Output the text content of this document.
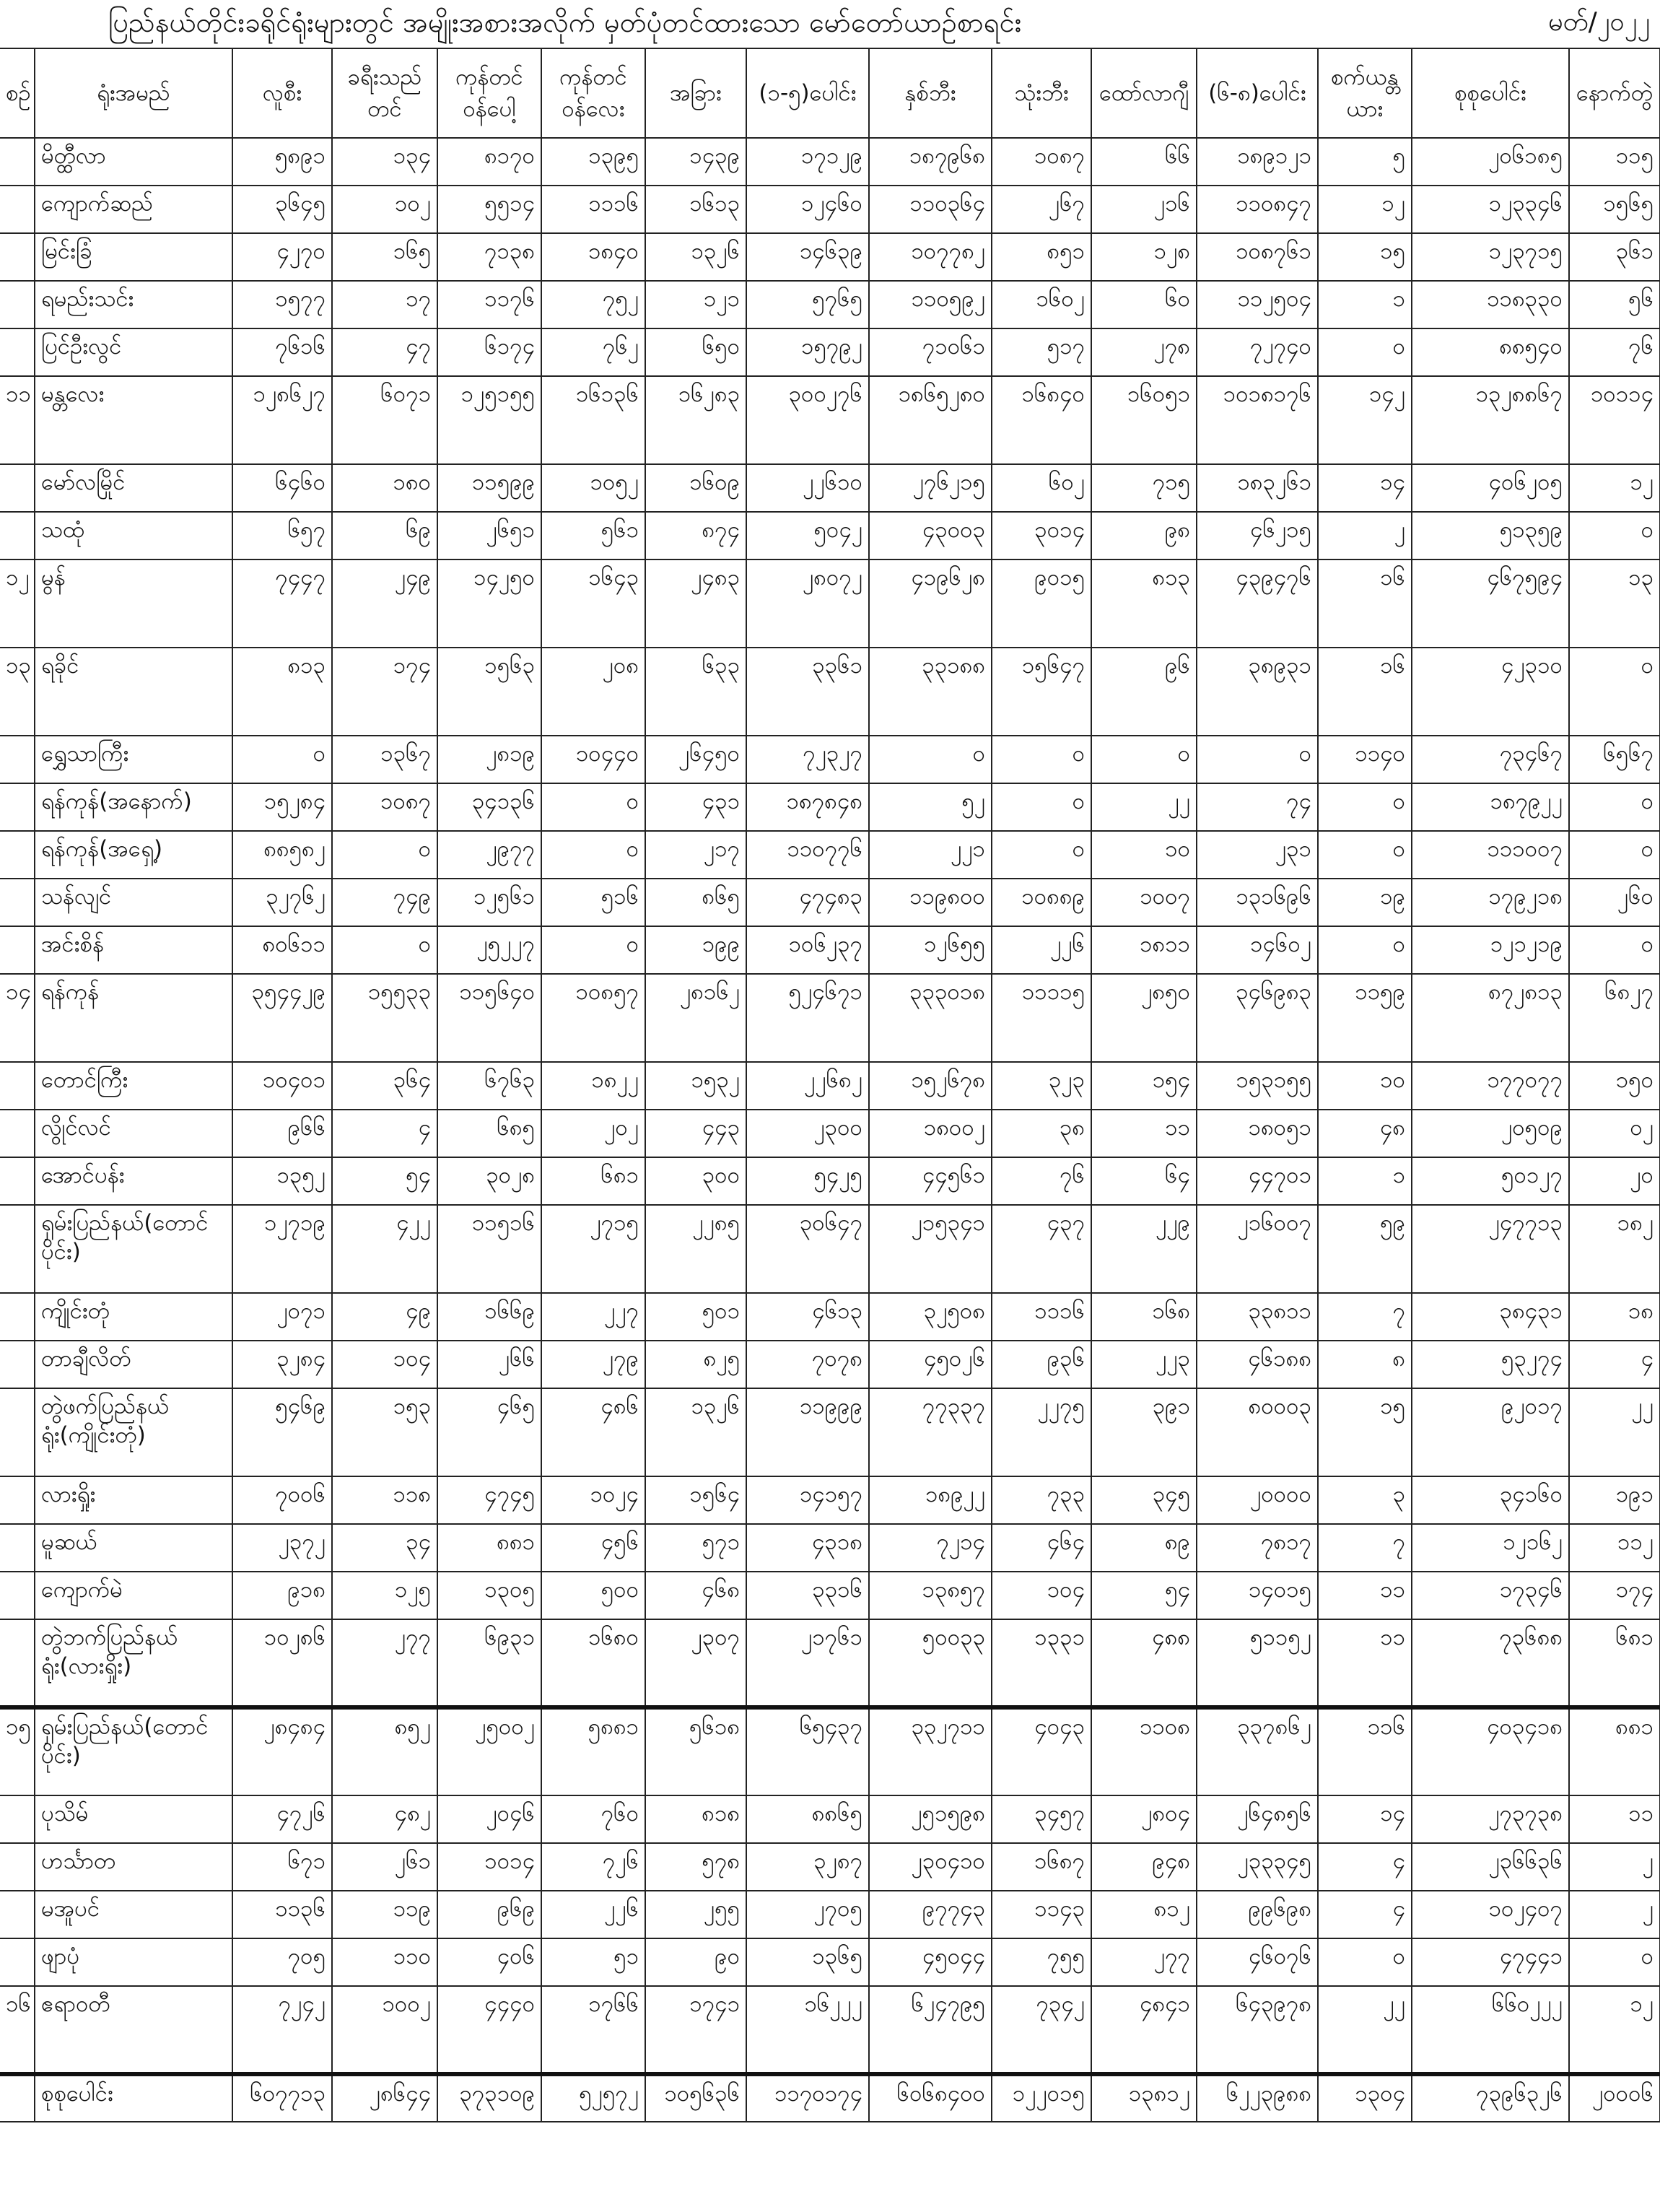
ပြည်နယ်တိုင်းခရိုင်ရုံးများတွင် အမျိုးအစားအလိုက် မှတ်ပုံတင်ထားသော မော်တော်ယာဉ်စာရင်း	မတ်/၂၀၂၂
စဉ်	ရုံးအမည်	လူစီး	ခရီးသည်တင်	ကုန်တင်ဝန်ပေါ့	ကုန်တင်ဝန်လေး	အခြား	(၁-၅)ပေါင်း	နှစ်ဘီး	သုံးဘီး	ထော်လာဂျီ	(၆-၈)ပေါင်း	စက်ယန္တယား	စုစုပေါင်း	နောက်တွဲ
	မိတ္ထီလာ	၅၈၉၁	၁၃၄	၈၁၇၀	၁၃၉၅	၁၄၃၉	၁၇၁၂၉	၁၈၇၉၆၈	၁၀၈၇	၆၆	၁၈၉၁၂၁	၅	၂၀၆၁၈၅	၁၁၅
	ကျောက်ဆည်	၃၆၄၅	၁၀၂	၅၅၁၄	၁၁၁၆	၁၆၁၃	၁၂၄၆၀	၁၁၀၃၆၄	၂၆၇	၂၁၆	၁၁၀၈၄၇	၁၂	၁၂၃၃၄၆	၁၅၆၅
	မြင်းခြံ	၄၂၇၀	၁၆၅	၇၁၃၈	၁၈၄၀	၁၃၂၆	၁၄၆၃၉	၁၀၇၇၈၂	၈၅၁	၁၂၈	၁၀၈၇၆၁	၁၅	၁၂၃၇၁၅	၃၆၁
	ရမည်းသင်း	၁၅၇၇	၁၇	၁၁၇၆	၇၅၂	၁၂၁	၅၇၆၅	၁၁၀၅၉၂	၁၆၀၂	၆၀	၁၁၂၅၀၄	၁	၁၁၈၃၃၀	၅၆
	ပြင်ဦးလွင်	၇၆၁၆	၄၇	၆၁၇၄	၇၆၂	၆၅၀	၁၅၇၉၂	၇၁၀၆၁	၅၁၇	၂၇၈	၇၂၇၄၀	၀	၈၈၅၄၀	၇၆
၁၁	မန္တလေး	၁၂၈၆၂၇	၆၀၇၁	၁၂၅၁၅၅	၁၆၁၃၆	၁၆၂၈၃	၃၀၀၂၇၆	၁၈၆၅၂၈၀	၁၆၈၄၀	၁၆၀၅၁	၁၀၁၈၁၇၆	၁၄၂	၁၃၂၈၈၆၇	၁၀၁၁၄
	မော်လမြိုင်	၆၄၆၀	၁၈၀	၁၁၅၉၉	၁၀၅၂	၁၆၀၉	၂၂၆၁၀	၂၇၆၂၁၅	၆၀၂	၇၁၅	၁၈၃၂၆၁	၁၄	၄၀၆၂၀၅	၁၂
	သထုံ	၆၅၇	၆၉	၂၆၅၁	၅၆၁	၈၇၄	၅၀၄၂	၄၃၀၀၃	၃၀၁၄	၉၈	၄၆၂၁၅	၂	၅၁၃၅၉	၀
၁၂	မွန်	၇၄၄၇	၂၄၉	၁၄၂၅၀	၁၆၄၃	၂၄၈၃	၂၈၀၇၂	၄၁၉၆၂၈	၉၀၁၅	၈၁၃	၄၃၉၄၇၆	၁၆	၄၆၇၅၉၄	၁၃
၁၃	ရခိုင်	၈၁၃	၁၇၄	၁၅၆၃	၂၀၈	၆၃၃	၃၃၆၁	၃၃၁၈၈	၁၅၆၄၇	၉၆	၃၈၉၃၁	၁၆	၄၂၃၁၀	၀
	ရွှေသာကြီး	၀	၁၃၆၇	၂၈၁၉	၁၀၄၄၀	၂၆၄၅၀	၇၂၃၂၇	၀	၀	၀	၀	၁၁၄၀	၇၃၄၆၇	၆၅၆၇
	ရန်ကုန်(အနောက်)	၁၅၂၈၄	၁၀၈၇	၃၄၁၃၆	၀	၄၃၁	၁၈၇၈၄၈	၅၂	၀	၂၂	၇၄	၀	၁၈၇၉၂၂	၀
	ရန်ကုန်(အရှေ့)	၈၈၅၈၂	၀	၂၉၇၇	၀	၂၁၇	၁၁၀၇၇၆	၂၂၁	၀	၁၀	၂၃၁	၀	၁၁၁၀၀၇	၀
	သန်လျင်	၃၂၇၆၂	၇၄၉	၁၂၅၆၁	၅၁၆	၈၆၅	၄၇၄၈၃	၁၁၉၈၀၀	၁၀၈၈၉	၁၀၀၇	၁၃၁၆၉၆	၁၉	၁၇၉၂၁၈	၂၆၀
	အင်းစိန်	၈၀၆၁၁	၀	၂၅၂၂၇	၀	၁၉၉	၁၀၆၂၃၇	၁၂၆၅၅	၂၂၆	၁၈၁၁	၁၄၆၀၂	၀	၁၂၁၂၁၉	၀
၁၄	ရန်ကုန်	၃၅၄၄၂၉	၁၅၅၃၃	၁၁၅၆၄၀	၁၀၈၅၇	၂၈၁၆၂	၅၂၄၆၇၁	၃၃၃၀၁၈	၁၁၁၁၅	၂၈၅၀	၃၄၆၉၈၃	၁၁၅၉	၈၇၂၈၁၃	၆၈၂၇
	တောင်ကြီး	၁၀၄၀၁	၃၆၄	၆၇၆၃	၁၈၂၂	၁၅၃၂	၂၂၆၈၂	၁၅၂၆၇၈	၃၂၃	၁၅၄	၁၅၃၁၅၅	၁၀	၁၇၇၀၇၇	၁၅၀
	လွိုင်လင်	၉၆၆	၄	၆၈၅	၂၀၂	၄၄၃	၂၃၀၀	၁၈၀၀၂	၃၈	၁၁	၁၈၀၅၁	၄၈	၂၀၅၀၉	၀၂
	အောင်ပန်း	၁၃၅၂	၅၄	၃၀၂၈	၆၈၁	၃၀၀	၅၄၂၅	၄၄၅၆၁	၇၆	၆၄	၄၄၇၀၁	၁	၅၀၁၂၇	၂၀
	ရှမ်းပြည်နယ်(တောင်ပိုင်း)	၁၂၇၁၉	၄၂၂	၁၁၅၁၆	၂၇၁၅	၂၂၈၅	၃၀၆၄၇	၂၁၅၃၄၁	၄၃၇	၂၂၉	၂၁၆၀၀၇	၅၉	၂၄၇၇၁၃	၁၈၂
	ကျိုင်းတုံ	၂၀၇၁	၄၉	၁၆၆၉	၂၂၇	၅၀၁	၄၆၁၃	၃၂၅၀၈	၁၁၁၆	၁၆၈	၃၃၈၁၁	၇	၃၈၄၃၁	၁၈
	တာချီလိတ်	၃၂၈၄	၁၀၄	၂၆၆	၂၇၉	၈၂၅	၇၀၇၈	၄၅၀၂၆	၉၃၆	၂၂၃	၄၆၁၈၈	၈	၅၃၂၇၄	၄
	တွဲဖက်ပြည်နယ်ရုံး(ကျိုင်းတုံ)	၅၄၆၉	၁၅၃	၄၆၅	၄၈၆	၁၃၂၆	၁၁၉၉၉	၇၇၃၃၇	၂၂၇၅	၃၉၁	၈၀၀၀၃	၁၅	၉၂၀၁၇	၂၂
	လားရှိုး	၇၀၀၆	၁၁၈	၄၇၄၅	၁၀၂၄	၁၅၆၄	၁၄၁၅၇	၁၈၉၂၂	၇၃၃	၃၄၅	၂၀၀၀၀	၃	၃၄၁၆၀	၁၉၁
	မူဆယ်	၂၃၇၂	၃၄	၈၈၁	၄၅၆	၅၇၁	၄၃၁၈	၇၂၁၄	၄၆၄	၈၉	၇၈၁၇	၇	၁၂၁၆၂	၁၁၂
	ကျောက်မဲ	၉၁၈	၁၂၅	၁၃၀၅	၅၀၀	၄၆၈	၃၃၁၆	၁၃၈၅၇	၁၀၄	၅၄	၁၄၀၁၅	၁၁	၁၇၃၄၆	၁၇၄
	တွဲဘက်ပြည်နယ်ရုံး(လားရှိုး)	၁၀၂၈၆	၂၇၇	၆၉၃၁	၁၆၈၀	၂၃၀၇	၂၁၇၆၁	၅၀၀၃၃	၁၃၃၁	၄၈၈	၅၁၁၅၂	၁၁	၇၃၆၈၈	၆၈၁
၁၅	ရှမ်းပြည်နယ်(တောင်ပိုင်း)	၂၈၄၈၄	၈၅၂	၂၅၀၀၂	၅၈၈၁	၅၆၁၈	၆၅၄၃၇	၃၃၂၇၁၁	၄၀၄၃	၁၁၀၈	၃၃၇၈၆၂	၁၁၆	၄၀၃၄၁၈	၈၈၁
	ပုသိမ်	၄၇၂၆	၄၈၂	၂၀၄၆	၇၆၀	၈၁၈	၈၈၆၅	၂၅၁၅၉၈	၃၄၅၇	၂၈၀၄	၂၆၄၈၅၆	၁၄	၂၇၃၇၃၈	၁၁
	ဟင်္သာတ	၆၇၁	၂၆၁	၁၀၁၄	၇၂၆	၅၇၈	၃၂၈၇	၂၃၀၄၁၀	၁၆၈၇	၉၄၈	၂၃၃၃၄၅	၄	၂၃၆၆၃၆	၂
	မအူပင်	၁၁၃၆	၁၁၉	၉၆၉	၂၂၆	၂၅၅	၂၇၀၅	၉၇၇၄၃	၁၁၄၃	၈၁၂	၉၉၆၉၈	၄	၁၀၂၄၀၇	၂
	ဖျာပုံ	၇၀၅	၁၁၀	၄၀၆	၅၁	၉၀	၁၃၆၅	၄၅၀၄၄	၇၅၅	၂၇၇	၄၆၀၇၆	၀	၄၇၄၄၁	၀
၁၆	ဧရာဝတီ	၇၂၄၂	၁၀၀၂	၄၄၄၀	၁၇၆၆	၁၇၄၁	၁၆၂၂၂	၆၂၄၇၉၅	၇၃၄၂	၄၈၄၁	၆၄၃၉၇၈	၂၂	၆၆၀၂၂၂	၁၂
	စုစုပေါင်း	၆၀၇၇၁၃	၂၈၆၄၄	၃၇၃၁၀၉	၅၂၅၇၂	၁၀၅၆၃၆	၁၁၇၀၁၇၄	၆၀၆၈၄၀၀	၁၂၂၀၁၅	၁၃၈၁၂	၆၂၂၃၉၈၈	၁၃၀၄	၇၃၉၆၃၂၆	၂၀၀၀၆
